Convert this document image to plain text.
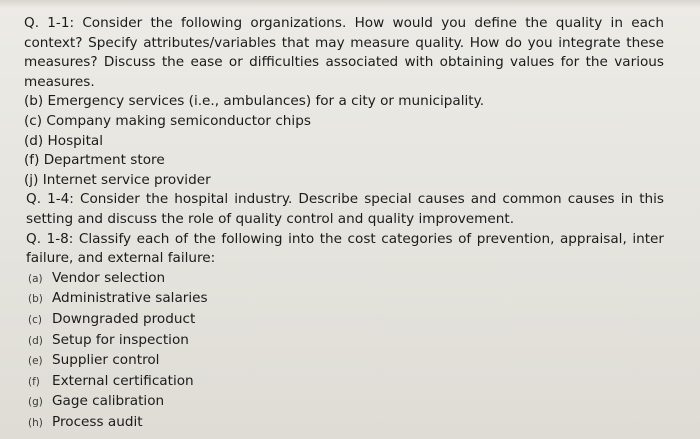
Q. 1-1: Consider the following organizations. How would you define the quality in each context? Specify attributes/variables that may measure quality. How do you integrate these measures? Discuss the ease or difficulties associated with obtaining values for the various measures.

(b) Emergency services (i.e., ambulances) for a city or municipality.
(c) Company making semiconductor chips
(d) Hospital
(f) Department store
(j) Internet service provider

Q. 1-4: Consider the hospital industry. Describe special causes and common causes in this setting and discuss the role of quality control and quality improvement.

Q. 1-8: Classify each of the following into the cost categories of prevention, appraisal, inter failure, and external failure:

(a) Vendor selection
(b) Administrative salaries
(c) Downgraded product
(d) Setup for inspection
(e) Supplier control
(f) External certification
(g) Gage calibration
(h) Process audit
